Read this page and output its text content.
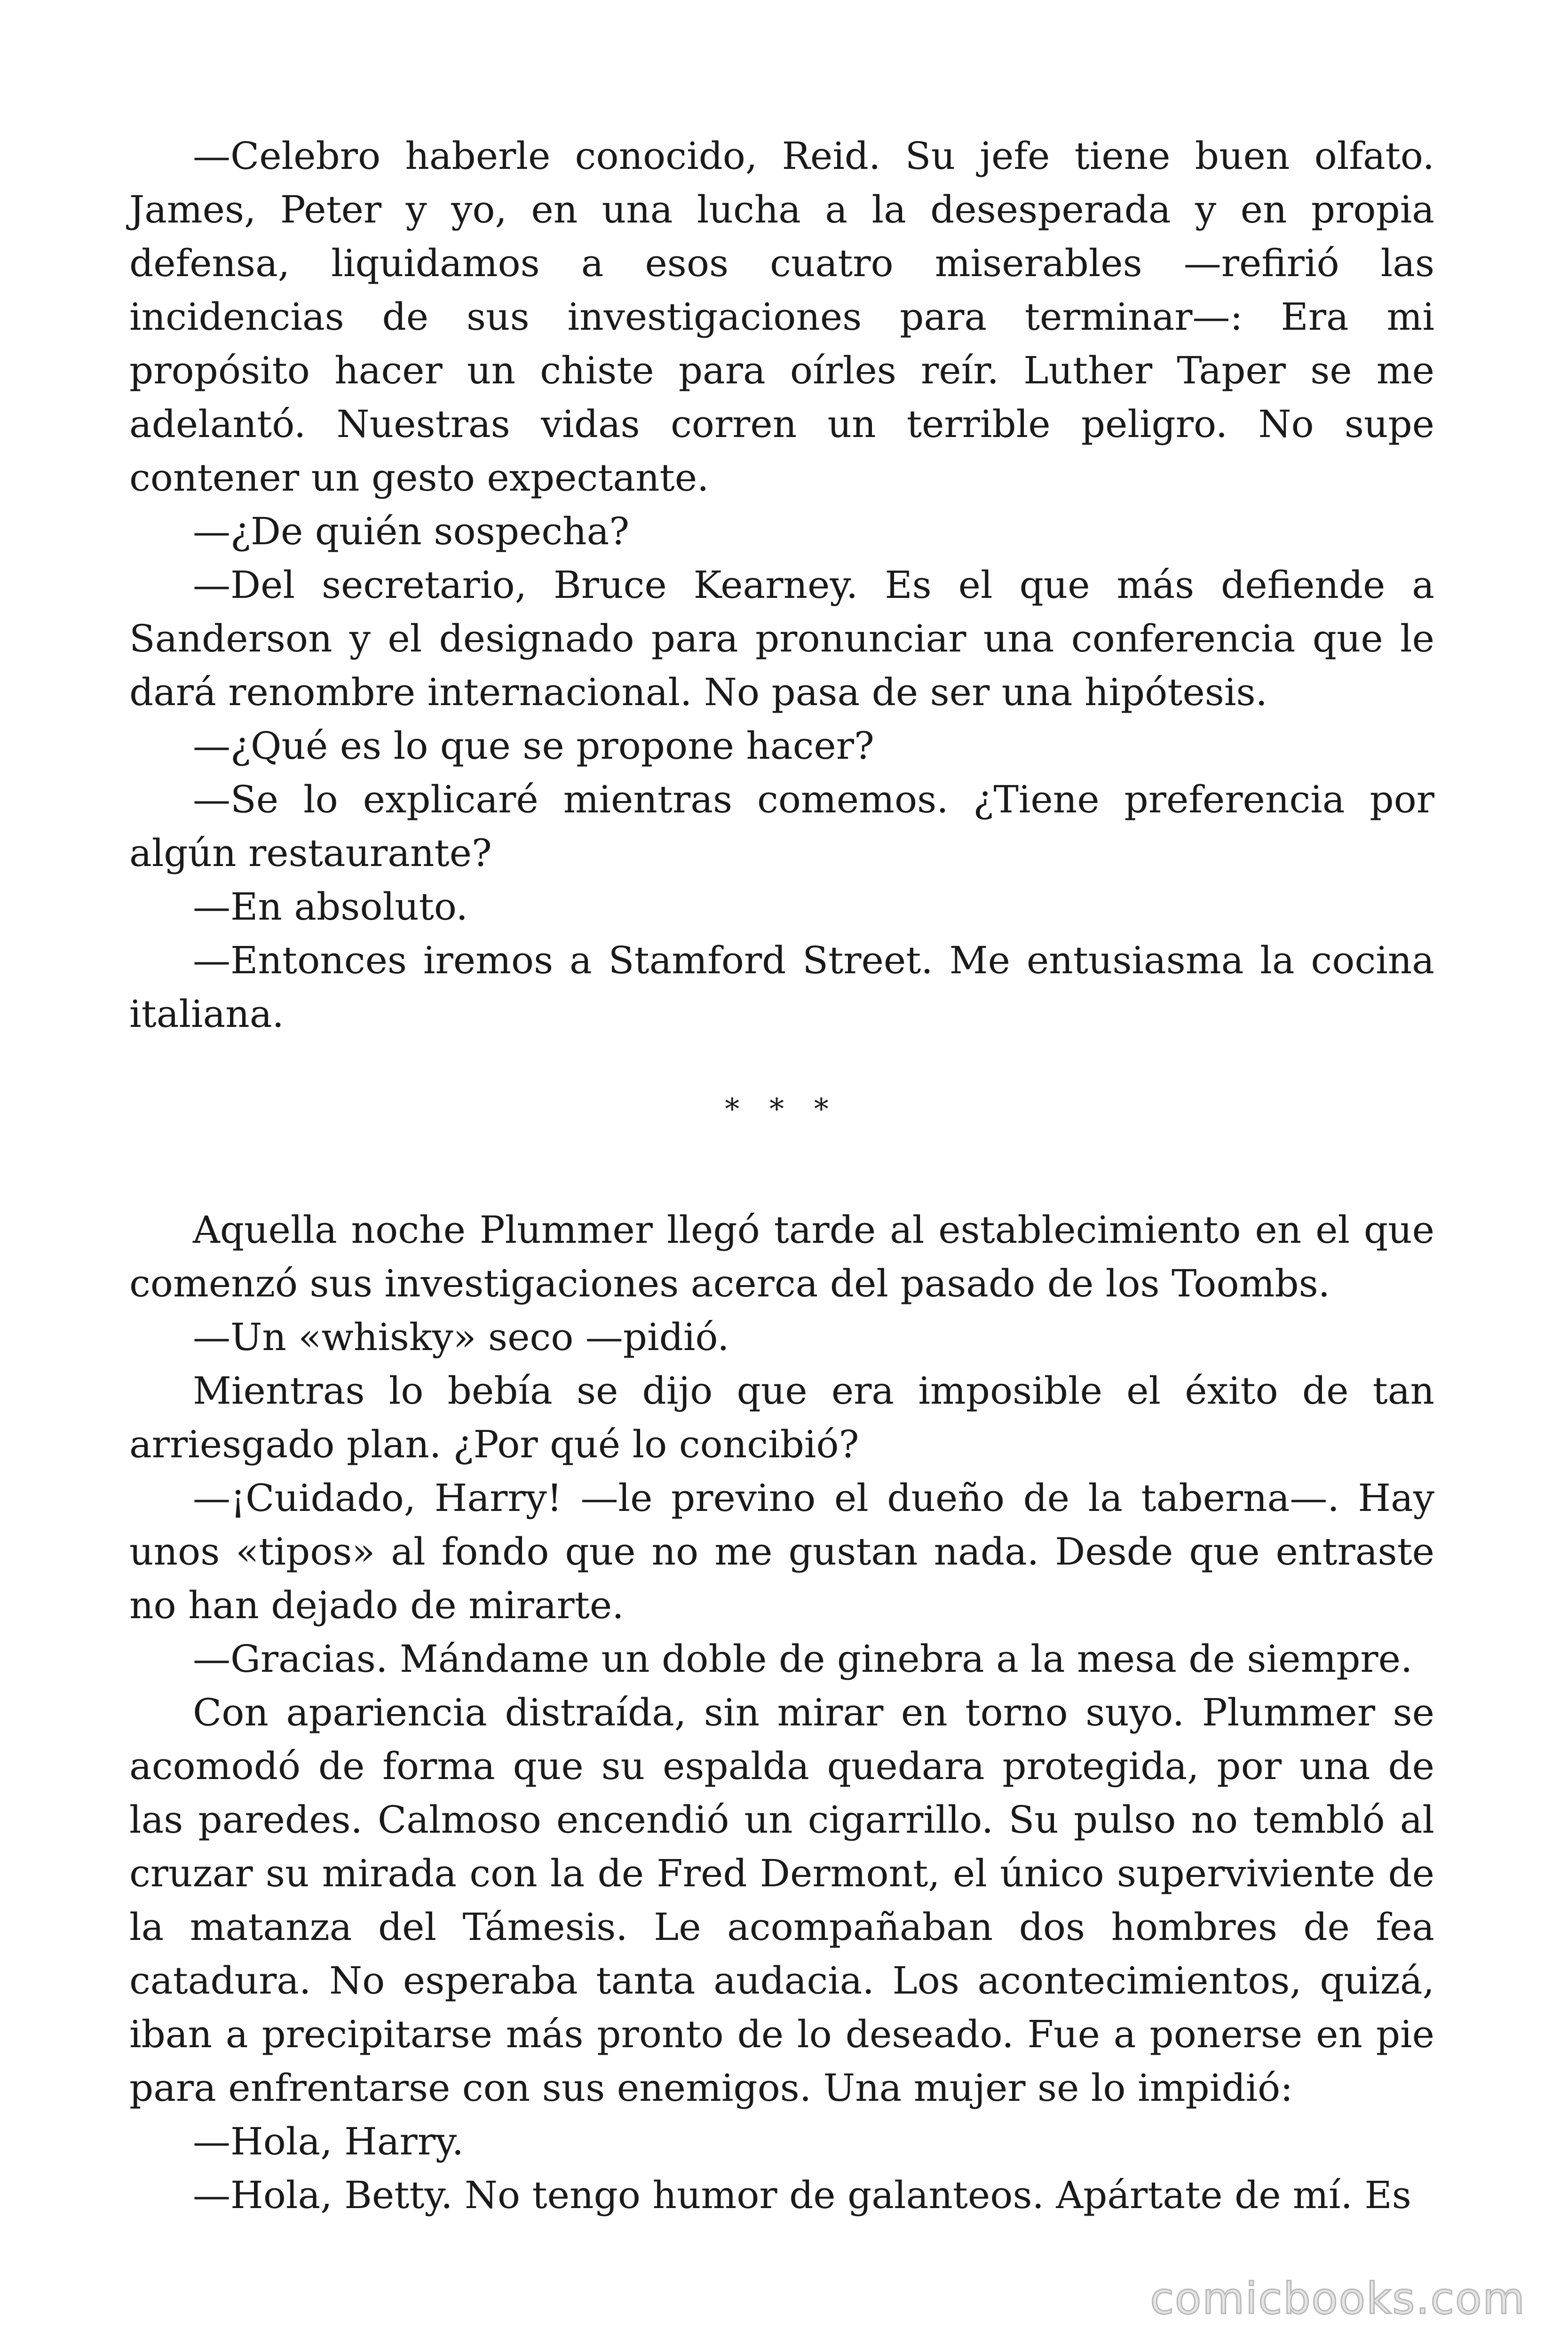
—Celebro haberle conocido, Reid. Su jefe tiene buen olfato. James, Peter y yo, en una lucha a la desesperada y en propia defensa, liquidamos a esos cuatro miserables —refirió las incidencias de sus investigaciones para terminar—: Era mi propósito hacer un chiste para oírles reír. Luther Taper se me adelantó. Nuestras vidas corren un terrible peligro. No supe contener un gesto expectante.

—¿De quién sospecha?

—Del secretario, Bruce Kearney. Es el que más defiende a Sanderson y el designado para pronunciar una conferencia que le dará renombre internacional. No pasa de ser una hipótesis.

—¿Qué es lo que se propone hacer?

—Se lo explicaré mientras comemos. ¿Tiene preferencia por algún restaurante?

—En absoluto.

—Entonces iremos a Stamford Street. Me entusiasma la cocina italiana.

* * *

Aquella noche Plummer llegó tarde al establecimiento en el que comenzó sus investigaciones acerca del pasado de los Toombs.

—Un «whisky» seco —pidió.

Mientras lo bebía se dijo que era imposible el éxito de tan arriesgado plan. ¿Por qué lo concibió?

—¡Cuidado, Harry! —le previno el dueño de la taberna—. Hay unos «tipos» al fondo que no me gustan nada. Desde que entraste no han dejado de mirarte.

—Gracias. Mándame un doble de ginebra a la mesa de siempre.

Con apariencia distraída, sin mirar en torno suyo. Plummer se acomodó de forma que su espalda quedara protegida, por una de las paredes. Calmoso encendió un cigarrillo. Su pulso no tembló al cruzar su mirada con la de Fred Dermont, el único superviviente de la matanza del Támesis. Le acompañaban dos hombres de fea catadura. No esperaba tanta audacia. Los acontecimientos, quizá, iban a precipitarse más pronto de lo deseado. Fue a ponerse en pie para enfrentarse con sus enemigos. Una mujer se lo impidió:

—Hola, Harry.

—Hola, Betty. No tengo humor de galanteos. Apártate de mí. Es

comicbooks.com
